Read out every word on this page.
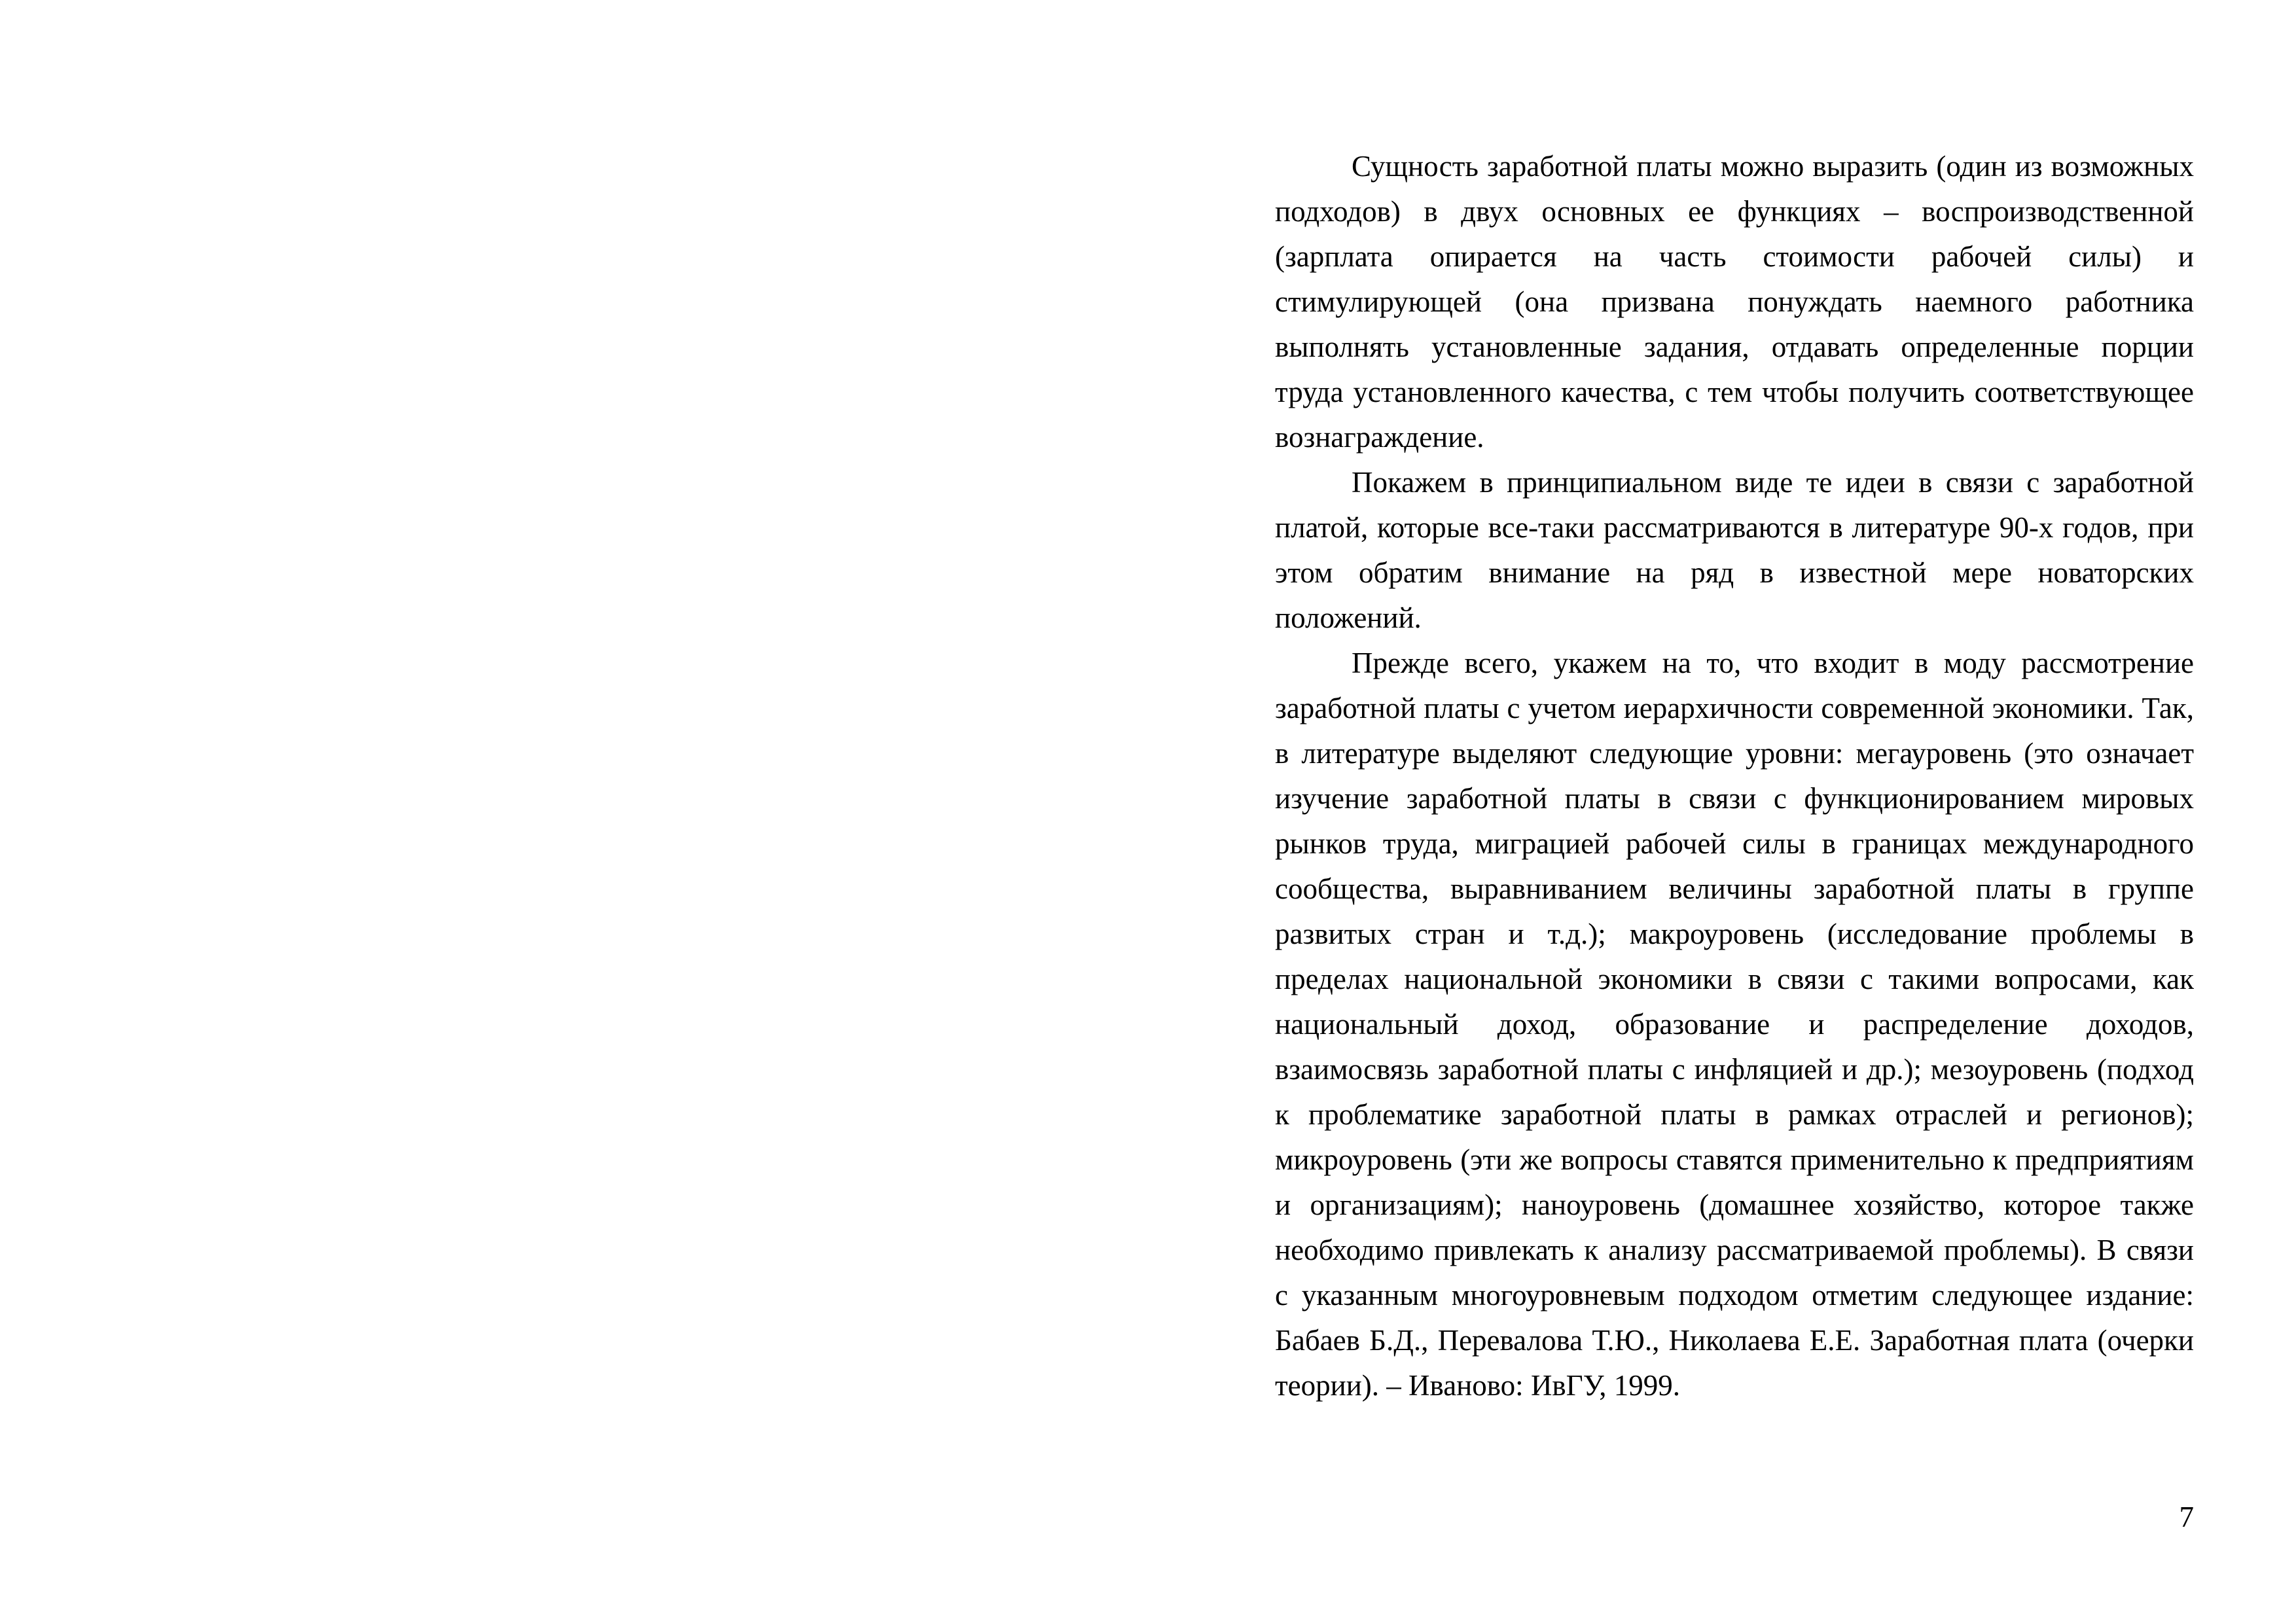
Сущность заработной платы можно выразить (один из возможных подходов) в двух основных ее функциях – воспроизводственной (зарплата опирается на часть стоимости рабочей силы) и стимулирующей (она призвана понуждать наемного работника выполнять установленные задания, отдавать определенные порции труда установленного качества, с тем чтобы получить соответствующее вознаграждение.

Покажем в принципиальном виде те идеи в связи с заработной платой, которые все-таки рассматриваются в литературе 90-х годов, при этом обратим внимание на ряд в известной мере новаторских положений.

Прежде всего, укажем на то, что входит в моду рассмотрение заработной платы с учетом иерархичности современной экономики. Так, в литературе выделяют следующие уровни: мегауровень (это означает изучение заработной платы в связи с функционированием мировых рынков труда, миграцией рабочей силы в границах международного сообщества, выравниванием величины заработной платы в группе развитых стран и т.д.); макроуровень (исследование проблемы в пределах национальной экономики в связи с такими вопросами, как национальный доход, образование и распределение доходов, взаимосвязь заработной платы с инфляцией и др.); мезоуровень (подход к проблематике заработной платы в рамках отраслей и регионов); микроуровень (эти же вопросы ставятся применительно к предприятиям и организациям); наноуровень (домашнее хозяйство, которое также необходимо привлекать к анализу рассматриваемой проблемы). В связи с указанным многоуровневым подходом отметим следующее издание: Бабаев Б.Д., Перевалова Т.Ю., Николаева Е.Е. Заработная плата (очерки теории). – Иваново: ИвГУ, 1999.

7
